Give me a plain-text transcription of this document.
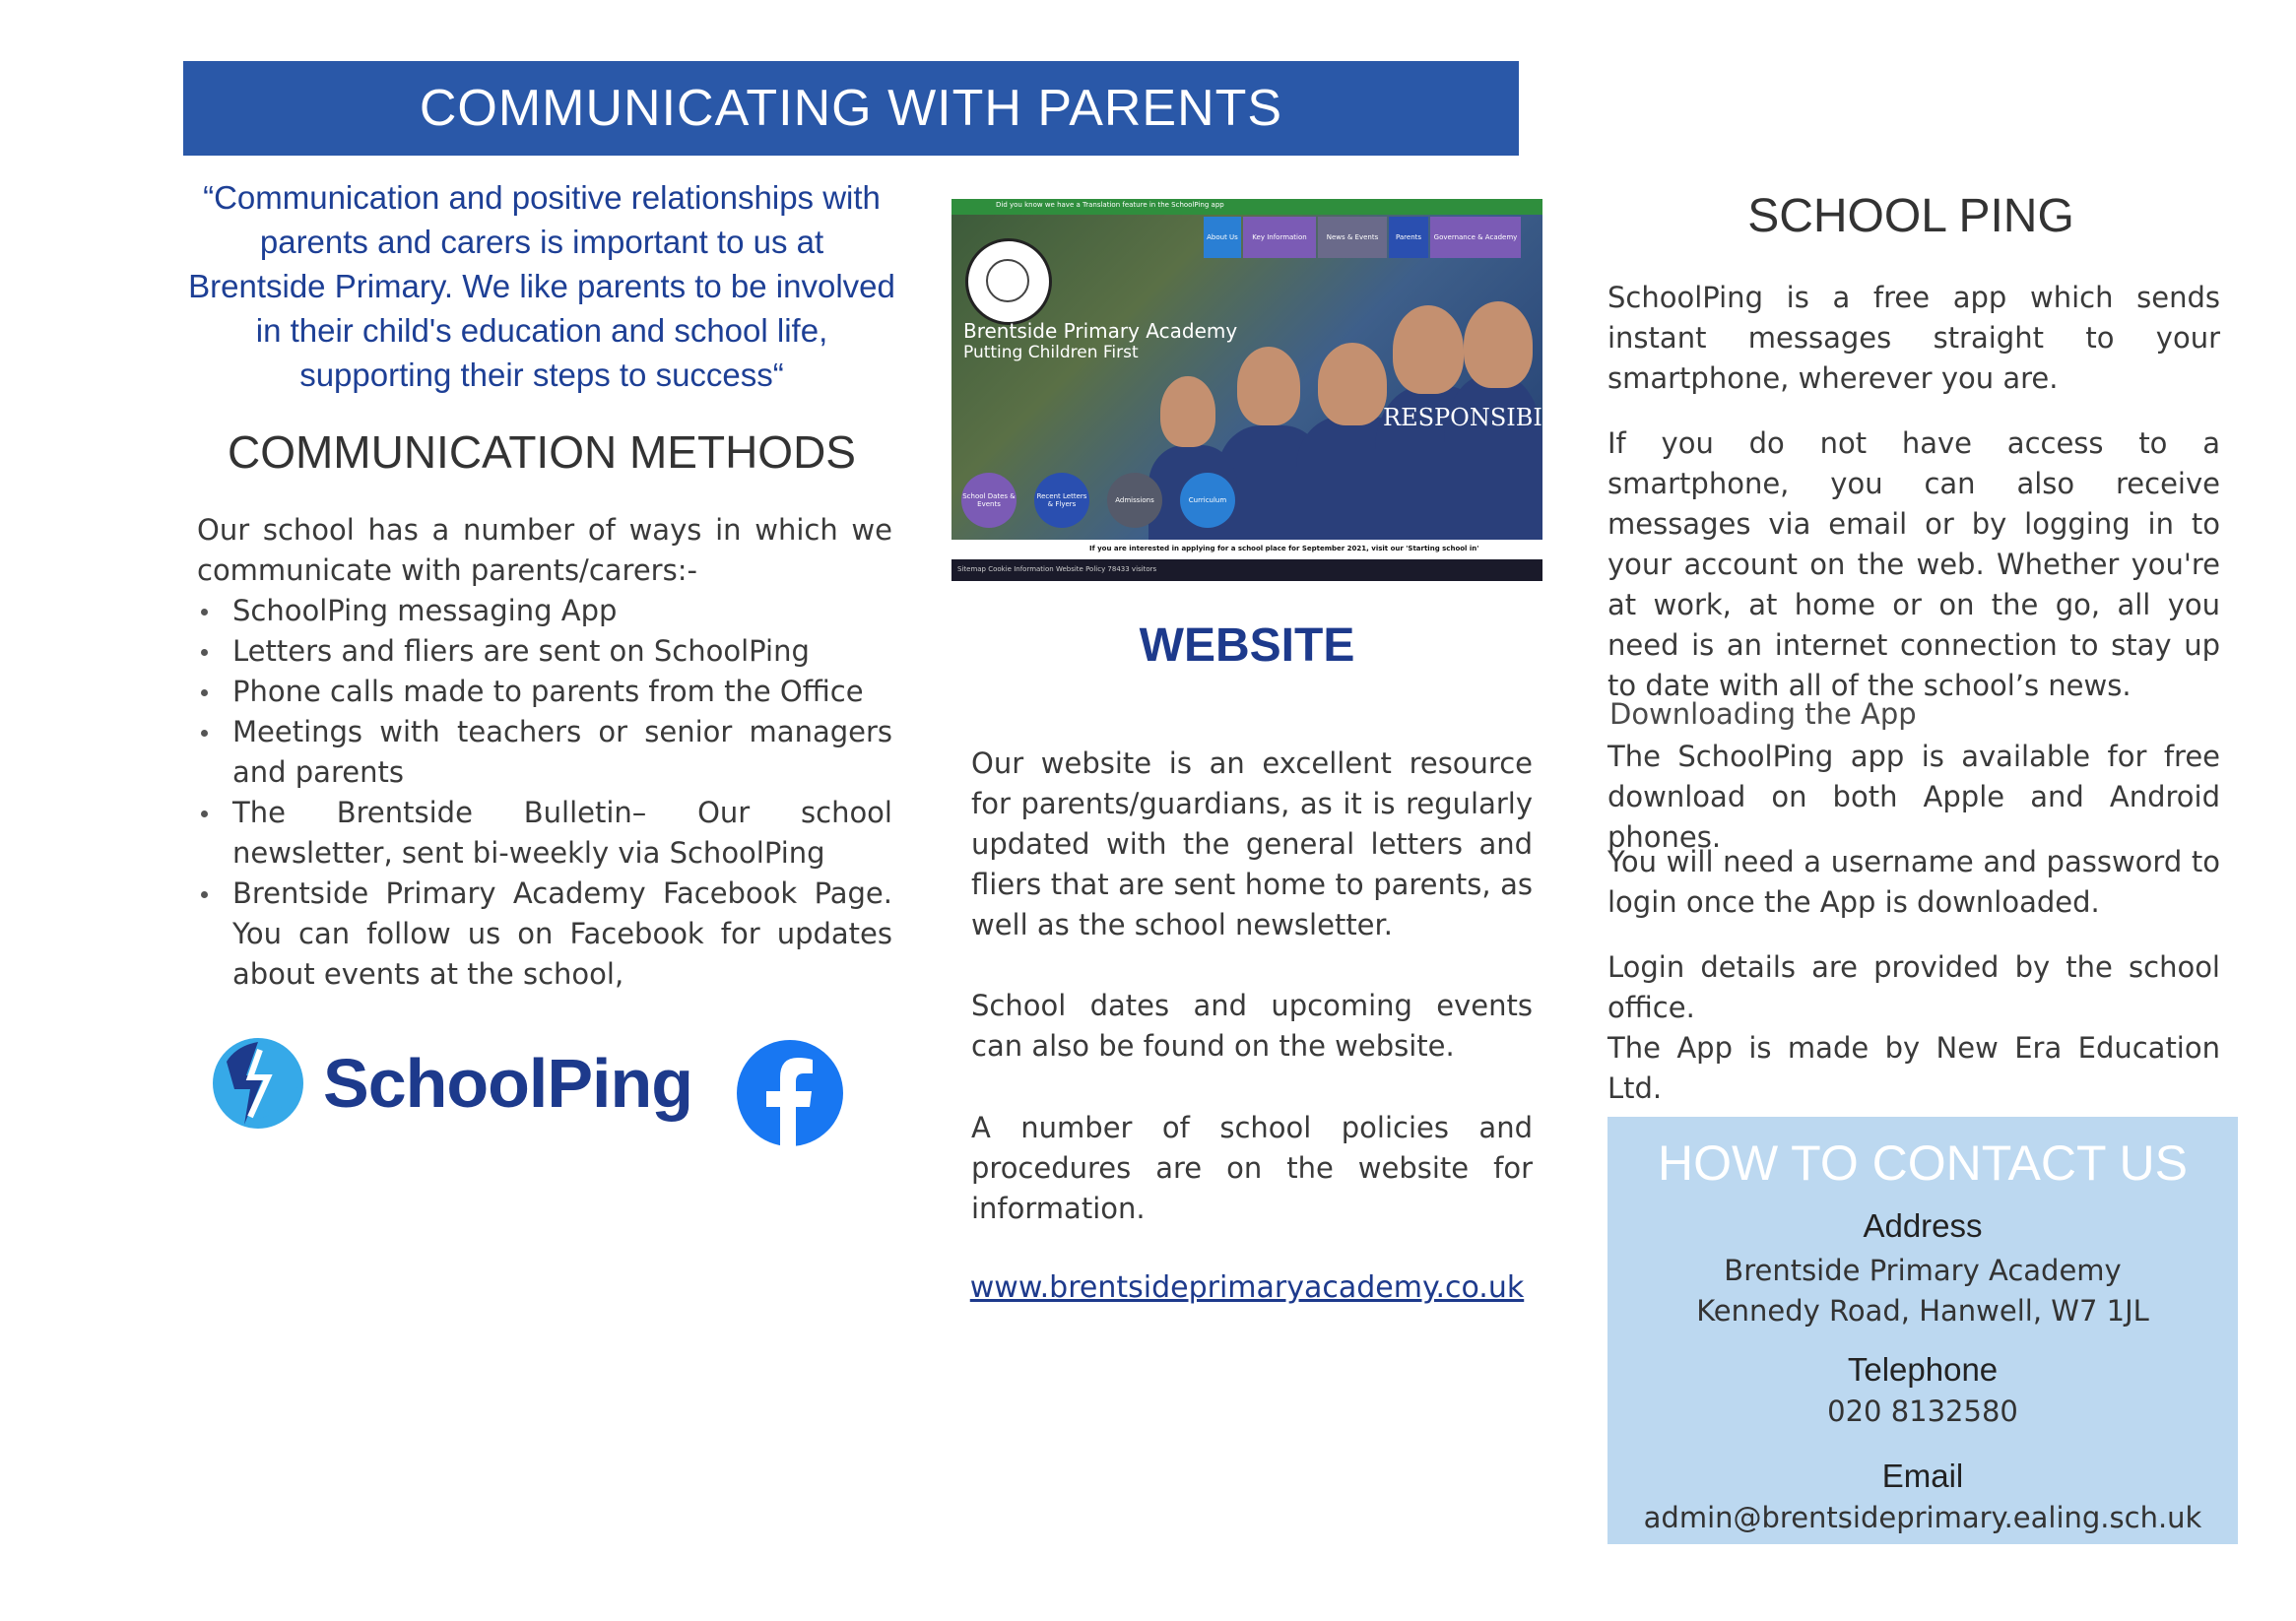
COMMUNICATING WITH PARENTS
“Communication and positive relationships with parents and carers is important to us at Brentside Primary. We like parents to be involved in their child's education and school life, supporting their steps to success“
COMMUNICATION METHODS
Our school has a number of ways in which we communicate with parents/carers:-
SchoolPing messaging App
Letters and fliers are sent on SchoolPing
Phone calls made to parents from the Office
Meetings with teachers or senior managers and parents
The Brentside Bulletin– Our school newsletter, sent bi-weekly via SchoolPing
Brentside Primary Academy Facebook Page. You can follow us on Facebook for updates about events at the school,
SchoolPing
Did you know we have a Translation feature in the SchoolPing app
About Us Key Information	News & Events	Parents Governance & Academy
Brentside Primary Academy
Putting Children First
RESPONSIBILITY
School Dates & Events
Recent Letters & Flyers	Admissions	Curriculum
If you are interested in applying for a school place for September 2021, visit our 'Starting school in'
Sitemap Cookie Information Website Policy 78433 visitors
WEBSITE
Our website is an excellent resource for parents/guardians, as it is regularly updated with the general letters and fliers that are sent home to parents, as well as the school newsletter.
School dates and upcoming events can also be found on the website.
A number of school policies and procedures are on the website for information.
www.brentsideprimaryacademy.co.uk
SCHOOL PING
SchoolPing is a free app which sends instant messages straight to your smartphone, wherever you are.
If you do not have access to a smartphone, you can also receive messages via email or by logging in to your account on the web. Whether you're at work, at home or on the go, all you need is an internet connection to stay up to date with all of the school’s news.
Downloading the App
The SchoolPing app is available for free download on both Apple and Android phones.
You will need a username and password to login once the App is downloaded.
Login details are provided by the school office.
The App is made by New Era Education Ltd.
HOW TO CONTACT US
Address
Brentside Primary Academy
Kennedy Road, Hanwell, W7 1JL
Telephone
020 8132580
Email
admin@brentsideprimary.ealing.sch.uk
